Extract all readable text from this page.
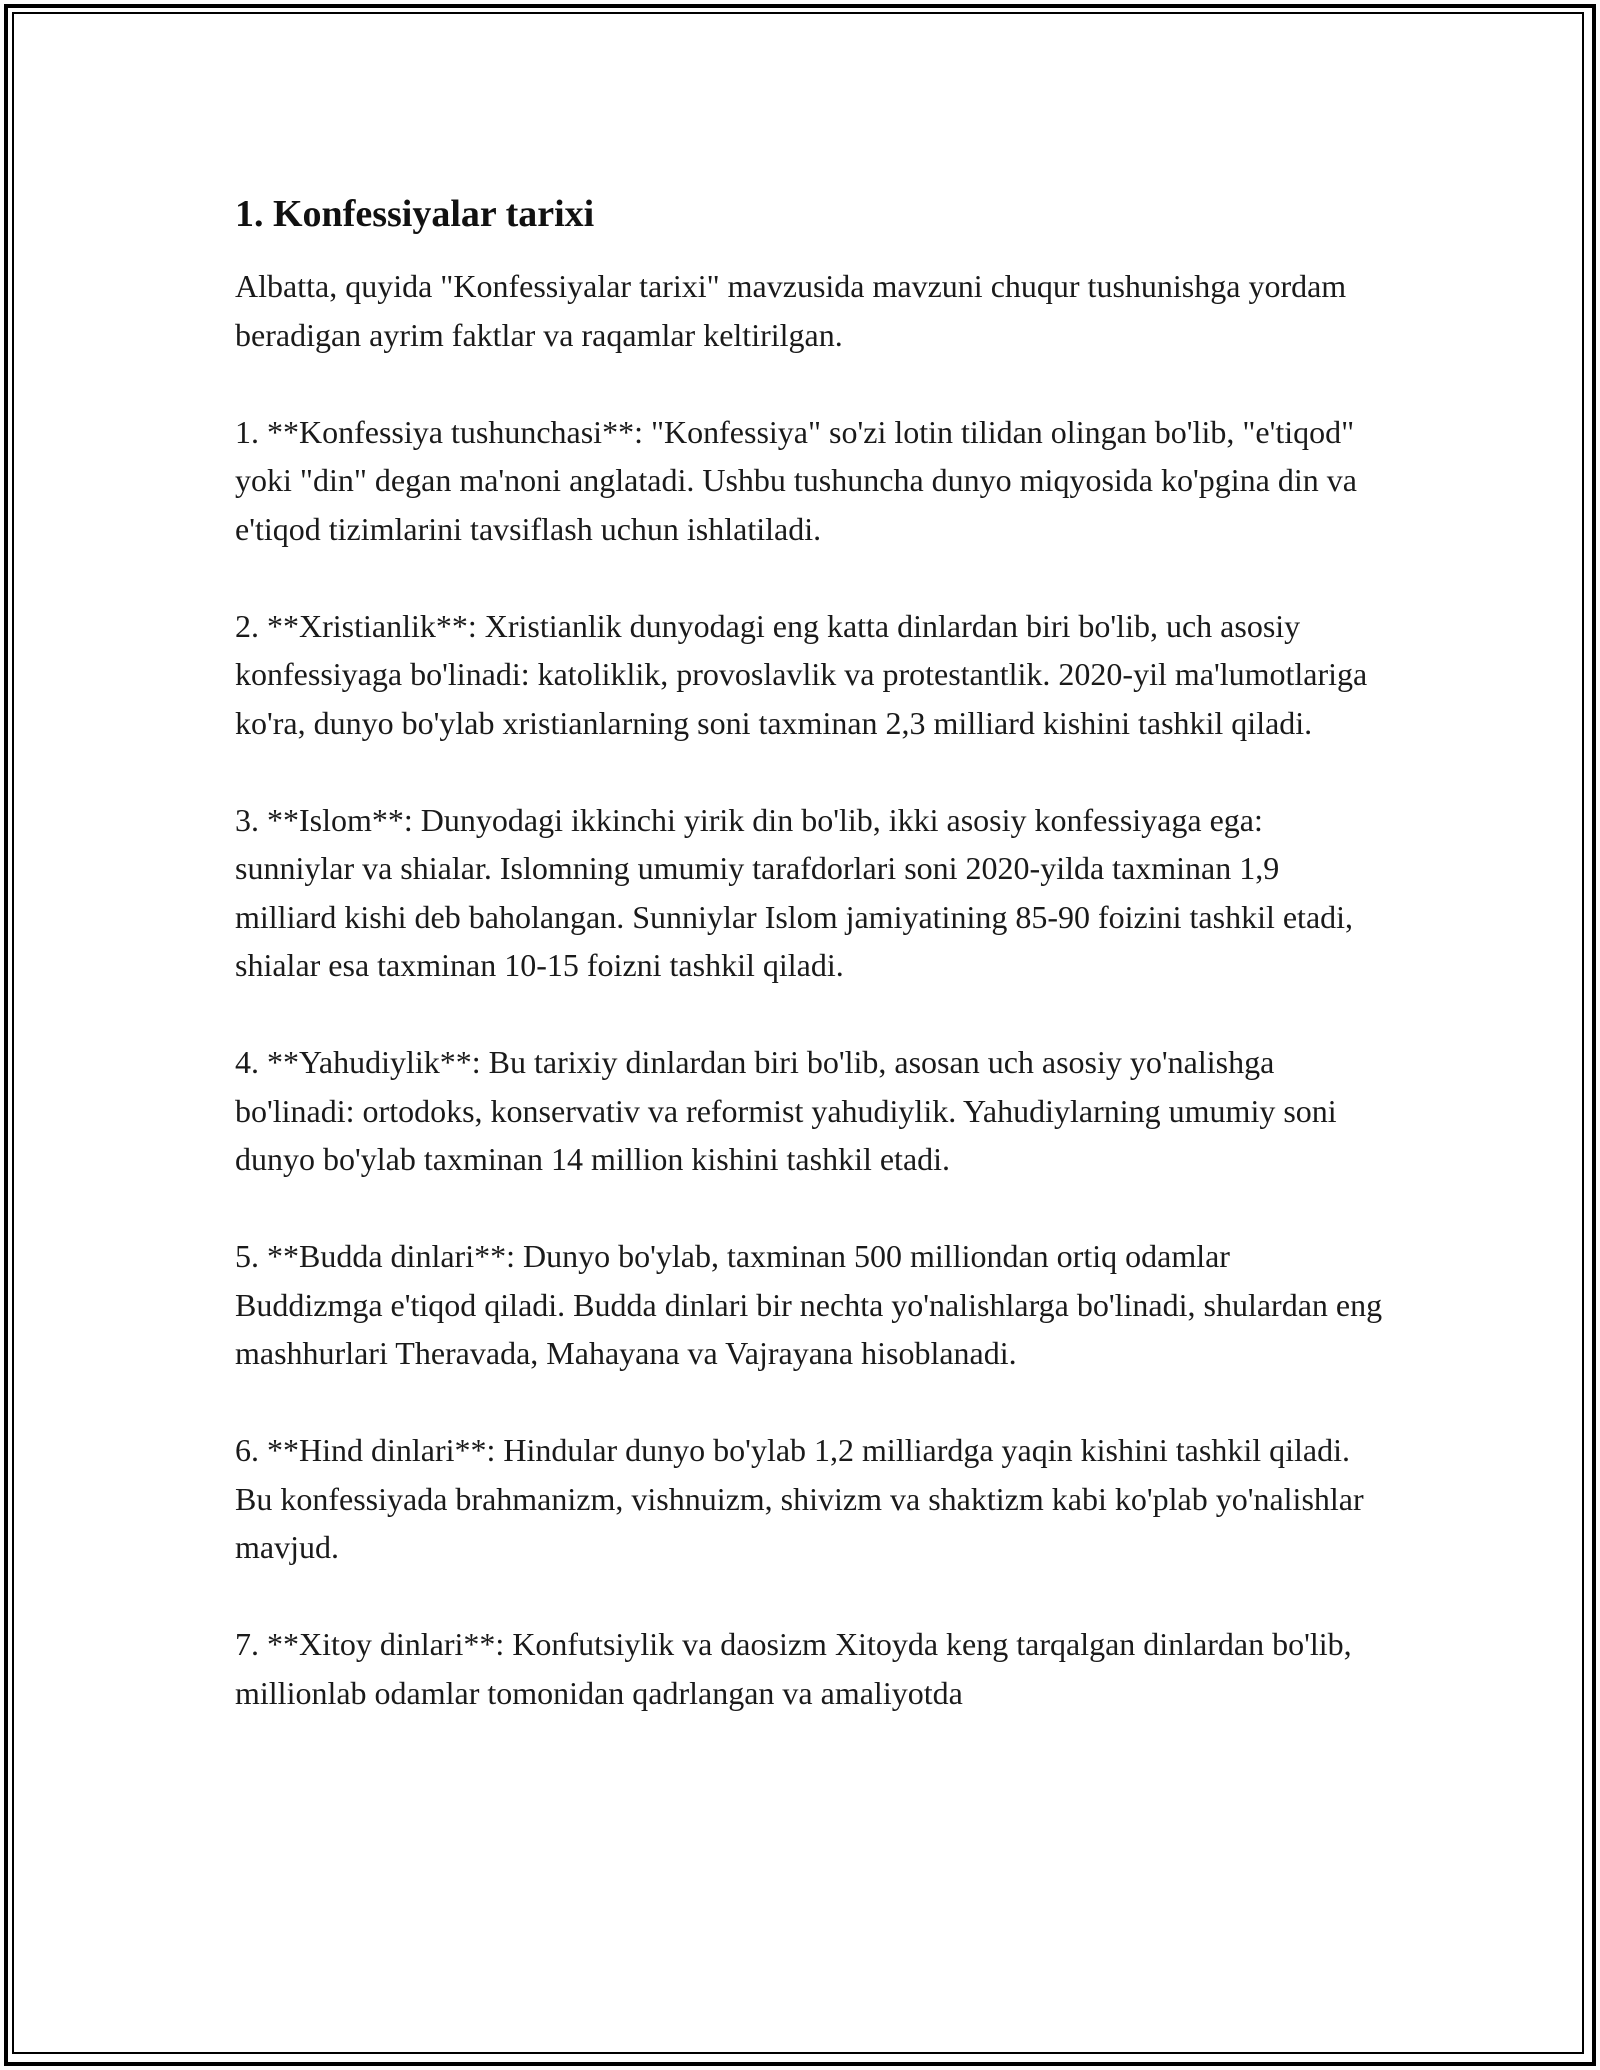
1. Konfessiyalar tarixi

Albatta, quyida "Konfessiyalar tarixi" mavzusida mavzuni chuqur tushunishga yordam beradigan ayrim faktlar va raqamlar keltirilgan.

1. **Konfessiya tushunchasi**: "Konfessiya" so'zi lotin tilidan olingan bo'lib, "e'tiqod" yoki "din" degan ma'noni anglatadi. Ushbu tushuncha dunyo miqyosida ko'pgina din va e'tiqod tizimlarini tavsiflash uchun ishlatiladi.

2. **Xristianlik**: Xristianlik dunyodagi eng katta dinlardan biri bo'lib, uch asosiy konfessiyaga bo'linadi: katoliklik, provoslavlik va protestantlik. 2020-yil ma'lumotlariga ko'ra, dunyo bo'ylab xristianlarning soni taxminan 2,3 milliard kishini tashkil qiladi.

3. **Islom**: Dunyodagi ikkinchi yirik din bo'lib, ikki asosiy konfessiyaga ega: sunniylar va shialar. Islomning umumiy tarafdorlari soni 2020-yilda taxminan 1,9 milliard kishi deb baholangan. Sunniylar Islom jamiyatining 85-90 foizini tashkil etadi, shialar esa taxminan 10-15 foizni tashkil qiladi.

4. **Yahudiylik**: Bu tarixiy dinlardan biri bo'lib, asosan uch asosiy yo'nalishga bo'linadi: ortodoks, konservativ va reformist yahudiylik. Yahudiylarning umumiy soni dunyo bo'ylab taxminan 14 million kishini tashkil etadi.

5. **Budda dinlari**: Dunyo bo'ylab, taxminan 500 milliondan ortiq odamlar Buddizmga e'tiqod qiladi. Budda dinlari bir nechta yo'nalishlarga bo'linadi, shulardan eng mashhurlari Theravada, Mahayana va Vajrayana hisoblanadi.

6. **Hind dinlari**: Hindular dunyo bo'ylab 1,2 milliardga yaqin kishini tashkil qiladi. Bu konfessiyada brahmanizm, vishnuizm, shivizm va shaktizm kabi ko'plab yo'nalishlar mavjud.

7. **Xitoy dinlari**: Konfutsiylik va daosizm Xitoyda keng tarqalgan dinlardan bo'lib, millionlab odamlar tomonidan qadrlangan va amaliyotda
